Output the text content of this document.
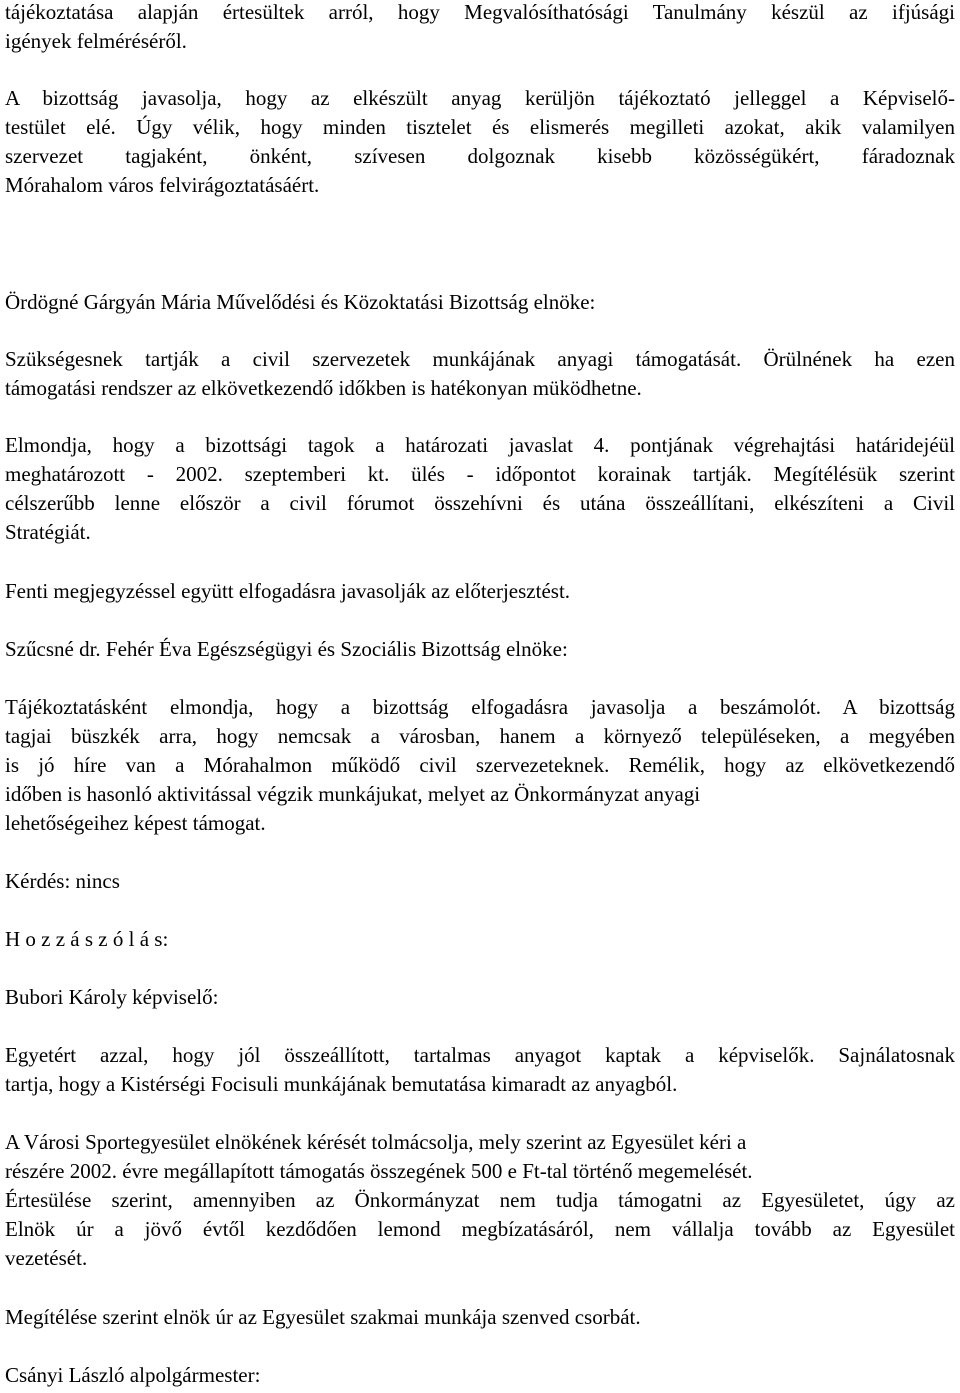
tájékoztatása alapján értesültek arról, hogy Megvalósíthatósági Tanulmány készül az ifjúsági
igények felméréséről.
A bizottság javasolja, hogy az elkészült anyag kerüljön tájékoztató jelleggel a Képviselő-
testület elé. Úgy vélik, hogy minden tisztelet és elismerés megilleti azokat, akik valamilyen
szervezet tagjaként, önként, szívesen dolgoznak kisebb közösségükért, fáradoznak
Mórahalom város felvirágoztatásáért.
Ördögné Gárgyán Mária Művelődési és Közoktatási Bizottság elnöke:
Szükségesnek tartják a civil szervezetek munkájának anyagi támogatását. Örülnének ha ezen
támogatási rendszer az elkövetkezendő időkben is hatékonyan müködhetne.
Elmondja, hogy a bizottsági tagok a határozati javaslat 4. pontjának végrehajtási határidejéül
meghatározott - 2002. szeptemberi kt. ülés - időpontot korainak tartják. Megítélésük szerint
célszerűbb lenne először a civil fórumot összehívni és utána összeállítani, elkészíteni a Civil
Stratégiát.
Fenti megjegyzéssel együtt elfogadásra javasolják az előterjesztést.
Szűcsné dr. Fehér Éva Egészségügyi és Szociális Bizottság elnöke:
Tájékoztatásként elmondja, hogy a bizottság elfogadásra javasolja a beszámolót. A bizottság
tagjai büszkék arra, hogy nemcsak a városban, hanem a környező településeken, a megyében
is jó híre van a Mórahalmon működő civil szervezeteknek. Remélik, hogy az elkövetkezendő
időben is hasonló aktivitással végzik munkájukat, melyet az Önkormányzat anyagi
lehetőségeihez képest támogat.
Kérdés: nincs
H o z z á s z ó l á s:
Bubori Károly képviselő:
Egyetért azzal, hogy jól összeállított, tartalmas anyagot kaptak a képviselők. Sajnálatosnak
tartja, hogy a Kistérségi Focisuli munkájának bemutatása kimaradt az anyagból.
A Városi Sportegyesület elnökének kérését tolmácsolja, mely szerint az Egyesület kéri a
részére 2002. évre megállapított támogatás összegének 500 e Ft-tal történő megemelését.
Értesülése szerint, amennyiben az Önkormányzat nem tudja támogatni az Egyesületet, úgy az
Elnök úr a jövő évtől kezdődően lemond megbízatásáról, nem vállalja tovább az Egyesület
vezetését.
Megítélése szerint elnök úr az Egyesület szakmai munkája szenved csorbát.
Csányi László alpolgármester:
